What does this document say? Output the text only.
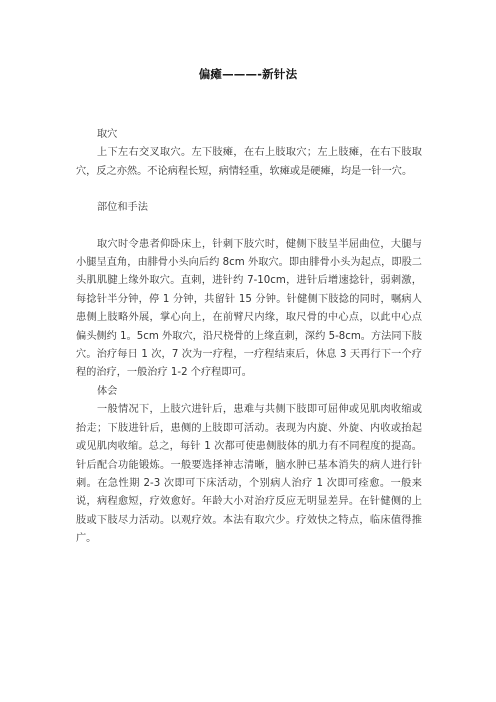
偏瘫———-新针法

取穴

上下左右交叉取穴。左下肢瘫，在右上肢取穴；左上肢瘫，在右下肢取穴，反之亦然。不论病程长短，病情轻重，软瘫或是硬瘫，均是一针一穴。

部位和手法

取穴时令患者仰卧床上，针刺下肢穴时，健侧下肢呈半屈曲位，大腿与小腿呈直角，由腓骨小头向后约 8cm 外取穴。即由腓骨小头为起点，即股二头肌肌腱上缘外取穴。直刺，进针约 7-10cm，进针后增速捻针，弱刺激，每捻针半分钟，停 1 分钟，共留针 15 分钟。针健侧下肢捻的同时，嘱病人患侧上肢略外展，掌心向上，在前臂尺内缘，取尺骨的中心点，以此中心点偏头侧约 1。5cm 外取穴，沿尺桡骨的上缘直刺，深约 5-8cm。方法同下肢穴。治疗每日 1 次，7 次为一疗程，一疗程结束后，休息 3 天再行下一个疗程的治疗，一般治疗 1-2 个疗程即可。

体会

一般情况下，上肢穴进针后，患难与共侧下肢即可屈伸或见肌肉收缩或抬走；下肢进针后，患侧的上肢即可活动。表现为内旋、外旋、内收或抬起或见肌肉收缩。总之，每针 1 次都可使患侧肢体的肌力有不同程度的提高。针后配合功能锻炼。一般要选择神志清晰，脑水肿已基本消失的病人进行针刺。在急性期 2-3 次即可下床活动，个别病人治疗 1 次即可痊愈。一般来说，病程愈短，疗效愈好。年龄大小对治疗反应无明显差异。在针健侧的上肢或下肢尽力活动。以观疗效。本法有取穴少。疗效快之特点，临床值得推广。
